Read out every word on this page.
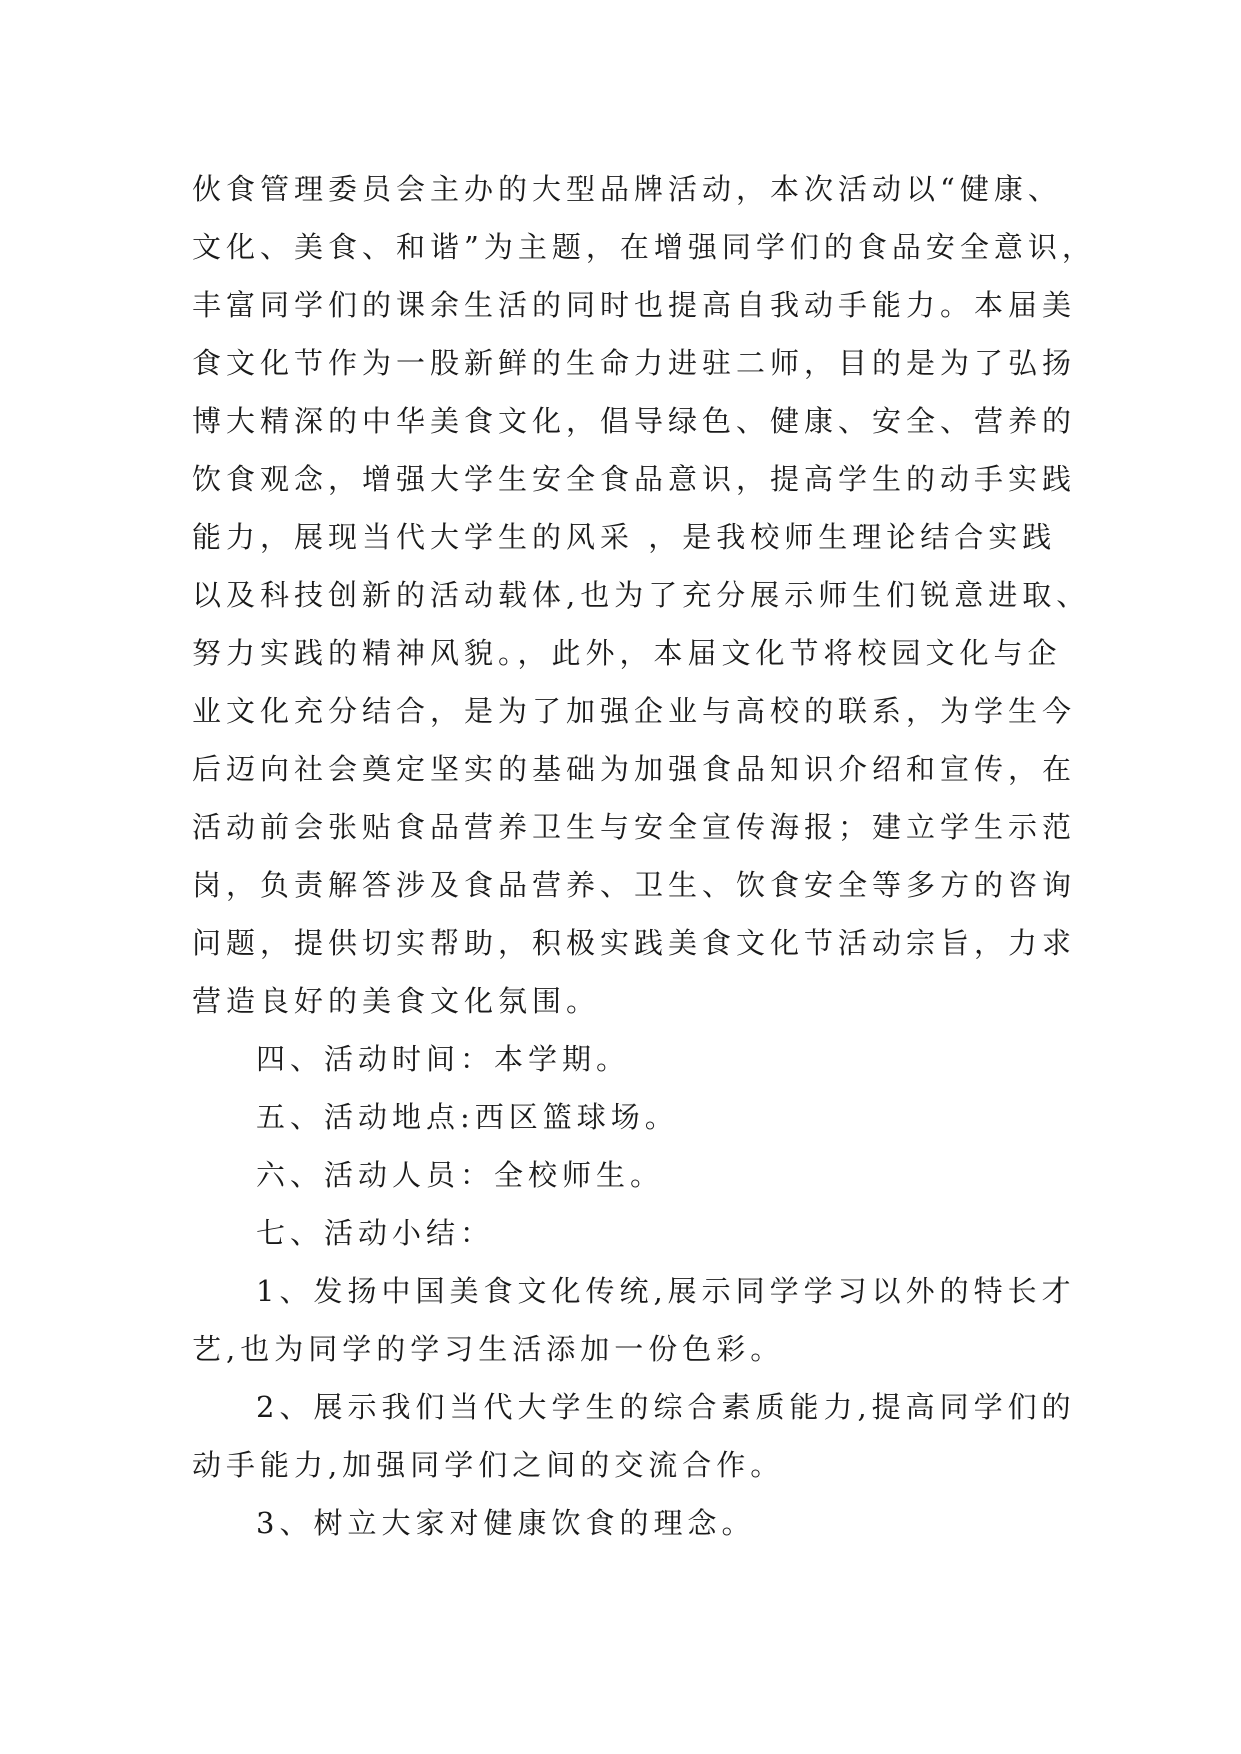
伙食管理委员会主办的大型品牌活动，本次活动以“健康、
文化、美食、和谐”为主题，在增强同学们的食品安全意识，
丰富同学们的课余生活的同时也提高自我动手能力。本届美
食文化节作为一股新鲜的生命力进驻二师，目的是为了弘扬
博大精深的中华美食文化，倡导绿色、健康、安全、营养的
饮食观念，增强大学生安全食品意识，提高学生的动手实践
能力，展现当代大学生的风采 ，是我校师生理论结合实践
以及科技创新的活动载体,也为了充分展示师生们锐意进取、
努力实践的精神风貌。，此外，本届文化节将校园文化与企
业文化充分结合，是为了加强企业与高校的联系，为学生今
后迈向社会奠定坚实的基础为加强食品知识介绍和宣传，在
活动前会张贴食品营养卫生与安全宣传海报；建立学生示范
岗，负责解答涉及食品营养、卫生、饮食安全等多方的咨询
问题，提供切实帮助，积极实践美食文化节活动宗旨，力求
营造良好的美食文化氛围。
四、活动时间：本学期。
五、活动地点:西区篮球场。
六、活动人员：全校师生。
七、活动小结：
1、发扬中国美食文化传统,展示同学学习以外的特长才
艺,也为同学的学习生活添加一份色彩。
2、展示我们当代大学生的综合素质能力,提高同学们的
动手能力,加强同学们之间的交流合作。
3、树立大家对健康饮食的理念。
